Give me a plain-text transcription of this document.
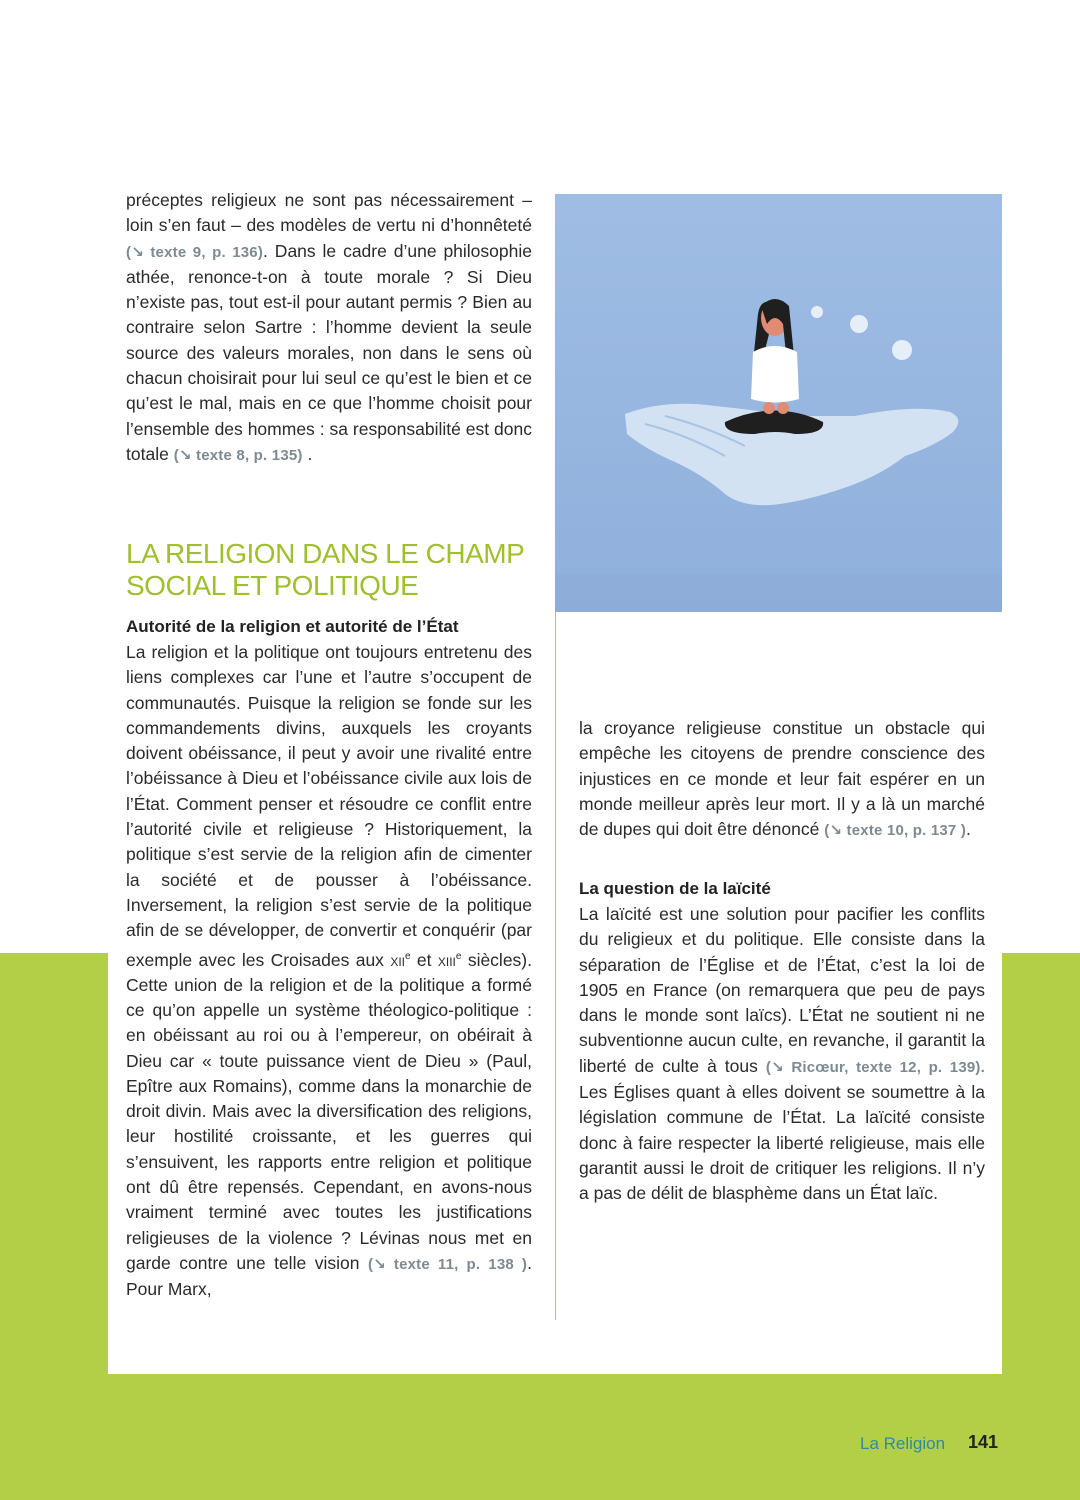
préceptes religieux ne sont pas nécessairement – loin s’en faut – des modèles de vertu ni d’honnêteté (↘ texte 9, p. 136). Dans le cadre d’une philosophie athée, renonce-t-on à toute morale ? Si Dieu n’existe pas, tout est-il pour autant permis ? Bien au contraire selon Sartre : l’homme devient la seule source des valeurs morales, non dans le sens où chacun choisirait pour lui seul ce qu’est le bien et ce qu’est le mal, mais en ce que l’homme choisit pour l’ensemble des hommes : sa responsabilité est donc totale (↘ texte 8, p. 135) .

LA RELIGION DANS LE CHAMP
SOCIAL ET POLITIQUE
Autorité de la religion et autorité de l’État

La religion et la politique ont toujours entretenu des liens complexes car l’une et l’autre s’occupent de communautés. Puisque la religion se fonde sur les commandements divins, auxquels les croyants doivent obéissance, il peut y avoir une rivalité entre l’obéissance à Dieu et l’obéissance civile aux lois de l’État. Comment penser et résoudre ce conflit entre l’autorité civile et religieuse ? Historiquement, la politique s’est servie de la religion afin de cimenter la société et de pousser à l’obéissance. Inversement, la religion s’est servie de la politique afin de se développer, de convertir et conquérir (par exemple avec les Croisades aux xii$^e$ et xiii$^e$ siècles). Cette union de la religion et de la politique a formé ce qu’on appelle un système théologico-politique : en obéissant au roi ou à l’empereur, on obéirait à Dieu car « toute puissance vient de Dieu » (Paul, Epître aux Romains), comme dans la monarchie de droit divin. Mais avec la diversification des religions, leur hostilité croissante, et les guerres qui s’ensuivent, les rapports entre religion et politique ont dû être repensés. Cependant, en avons-nous vraiment terminé avec toutes les justifications religieuses de la violence ? Lévinas nous met en garde contre une telle vision (↘ texte 11, p. 138 ). Pour Marx,

la croyance religieuse constitue un obstacle qui empêche les citoyens de prendre conscience des injustices en ce monde et leur fait espérer en un monde meilleur après leur mort. Il y a là un marché de dupes qui doit être dénoncé (↘ texte 10, p. 137 ).

La question de la laïcité

La laïcité est une solution pour pacifier les conflits du religieux et du politique. Elle consiste dans la séparation de l’Église et de l’État, c’est la loi de 1905 en France (on remarquera que peu de pays dans le monde sont laïcs). L’État ne soutient ni ne subventionne aucun culte, en revanche, il garantit la liberté de culte à tous (↘ Ricœur, texte 12, p. 139). Les Églises quant à elles doivent se soumettre à la législation commune de l’État. La laïcité consiste donc à faire respecter la liberté religieuse, mais elle garantit aussi le droit de critiquer les religions. Il n’y a pas de délit de blasphème dans un État laïc.

La Religion 141
